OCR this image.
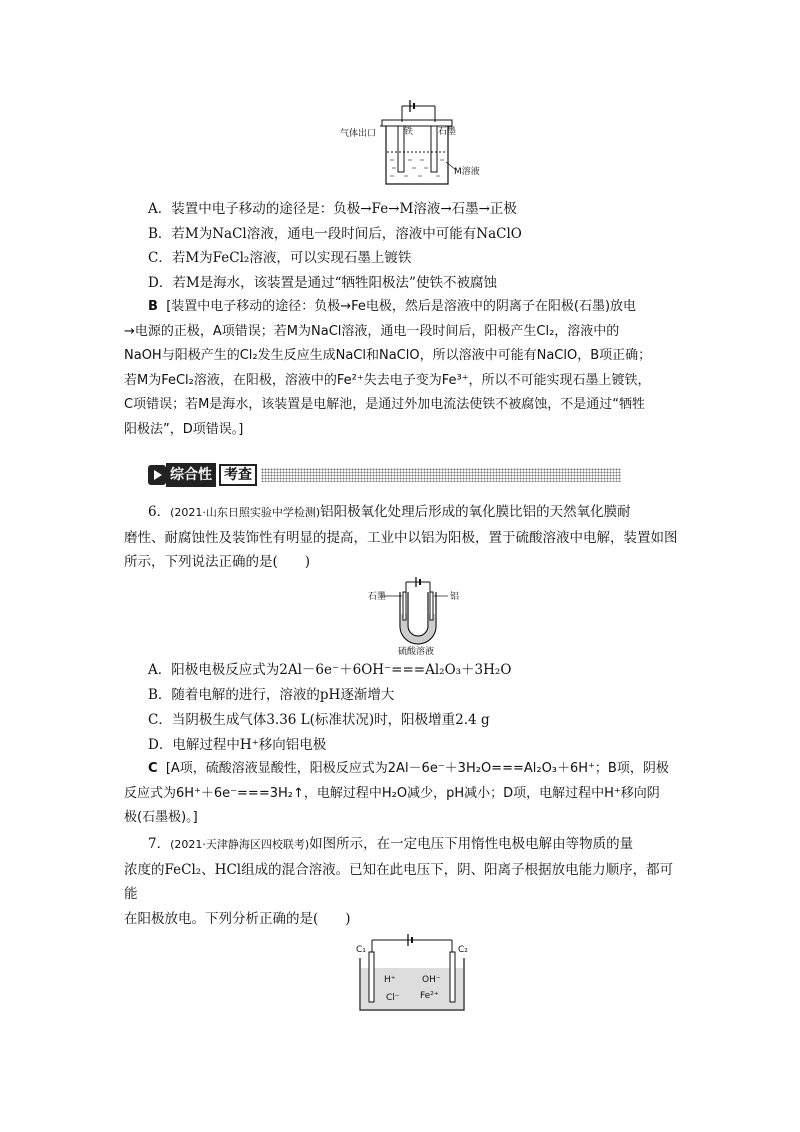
气体出口	铁	石墨
M溶液
A．装置中电子移动的途径是：负极→Fe→M溶液→石墨→正极
B．若M为NaCl溶液，通电一段时间后，溶液中可能有NaClO
C．若M为FeCl₂溶液，可以实现石墨上镀铁
D．若M是海水，该装置是通过“牺牲阳极法”使铁不被腐蚀
B [装置中电子移动的途径：负极→Fe电极，然后是溶液中的阴离子在阳极(石墨)放电
→电源的正极，A项错误；若M为NaCl溶液，通电一段时间后，阳极产生Cl₂，溶液中的
NaOH与阳极产生的Cl₂发生反应生成NaCl和NaClO，所以溶液中可能有NaClO，B项正确；
若M为FeCl₂溶液，在阳极，溶液中的Fe²⁺失去电子变为Fe³⁺，所以不可能实现石墨上镀铁，
C项错误；若M是海水，该装置是电解池，是通过外加电流法使铁不被腐蚀，不是通过“牺牲
阳极法”，D项错误。]
综合性 考查
6．(2021·山东日照实验中学检测)铝阳极氧化处理后形成的氧化膜比铝的天然氧化膜耐
磨性、耐腐蚀性及装饰性有明显的提高，工业中以铝为阳极，置于硫酸溶液中电解，装置如图
所示，下列说法正确的是(　　)
石墨	铝
硫酸溶液
A．阳极电极反应式为2Al－6e⁻＋6OH⁻===Al₂O₃＋3H₂O
B．随着电解的进行，溶液的pH逐渐增大
C．当阴极生成气体3.36 L(标准状况)时，阳极增重2.4 g
D．电解过程中H⁺移向铝电极
C [A项，硫酸溶液显酸性，阳极反应式为2Al－6e⁻＋3H₂O===Al₂O₃＋6H⁺；B项，阴极
反应式为6H⁺＋6e⁻===3H₂↑，电解过程中H₂O减少，pH减小；D项，电解过程中H⁺移向阴
极(石墨极)。]
7．(2021·天津静海区四校联考)如图所示，在一定电压下用惰性电极电解由等物质的量
浓度的FeCl₂、HCl组成的混合溶液。已知在此电压下，阴、阳离子根据放电能力顺序，都可能
在阳极放电。下列分析正确的是(　　)
C₁	C₂
H⁺	OH⁻
Cl⁻ Fe²⁺
